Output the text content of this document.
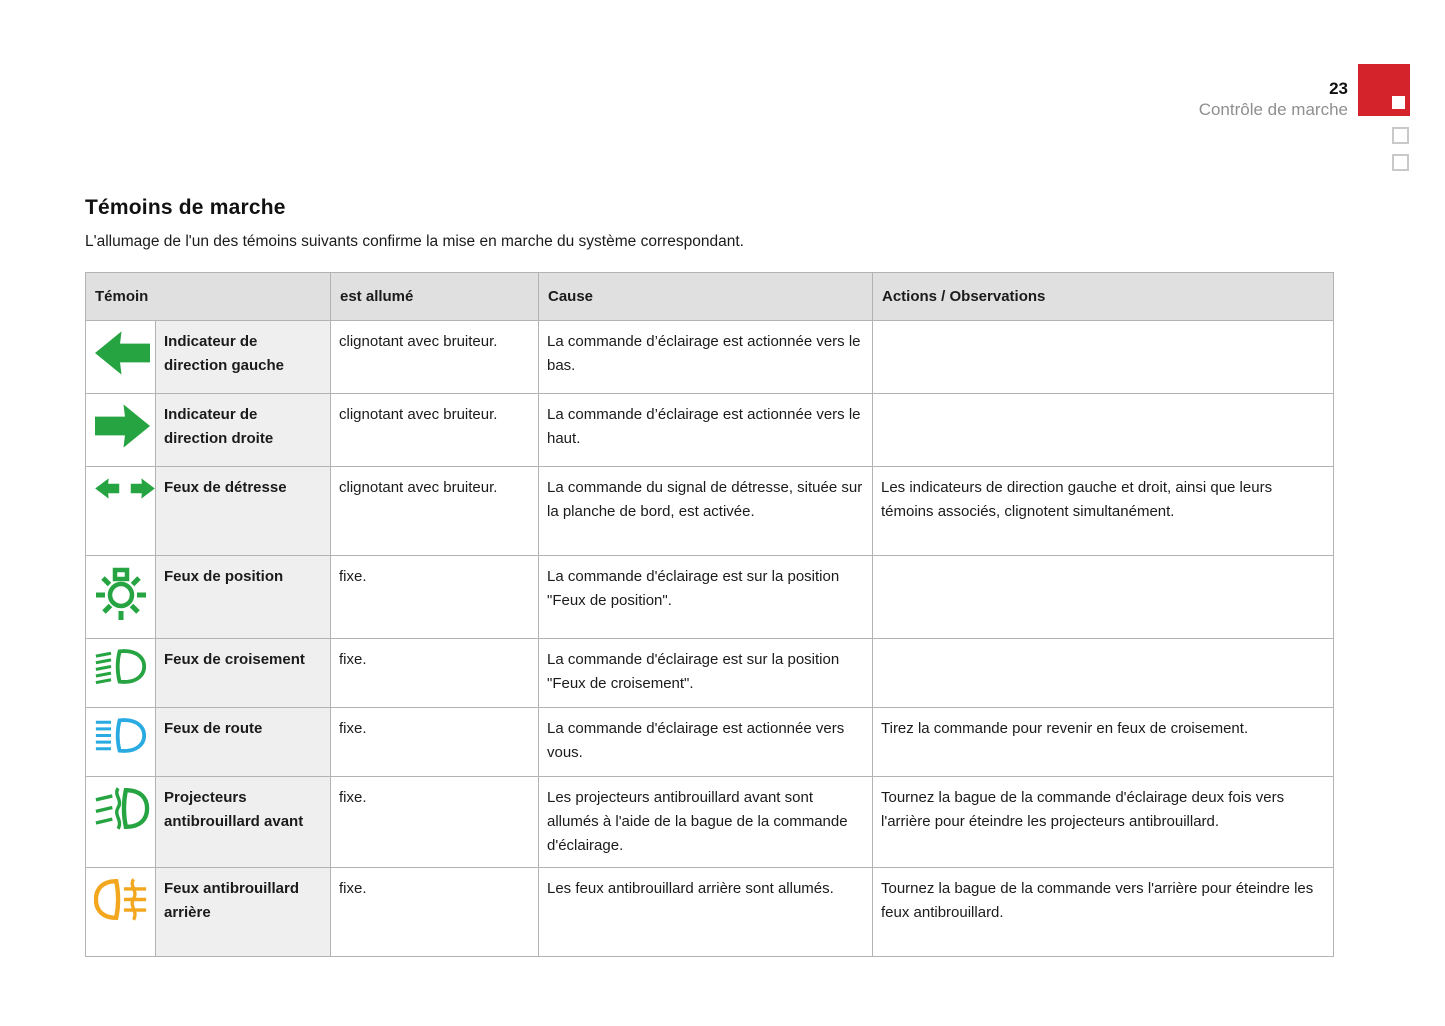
23
Contrôle de marche
Témoins de marche

L'allumage de l'un des témoins suivants confirme la mise en marche du système correspondant.

Témoin		est allumé	Cause	Actions / Observations
	Indicateur de direction gauche	clignotant avec bruiteur.	La commande d’éclairage est actionnée vers le bas.	
	Indicateur de direction droite	clignotant avec bruiteur.	La commande d’éclairage est actionnée vers le haut.	
	Feux de détresse	clignotant avec bruiteur.	La commande du signal de détresse, située sur la planche de bord, est activée.	Les indicateurs de direction gauche et droit, ainsi que leurs témoins associés, clignotent simultanément.
	Feux de position	fixe.	La commande d'éclairage est sur la position "Feux de position".	
	Feux de croisement	fixe.	La commande d'éclairage est sur la position "Feux de croisement".	
	Feux de route	fixe.	La commande d'éclairage est actionnée vers vous.	Tirez la commande pour revenir en feux de croisement.
	Projecteurs antibrouillard avant	fixe.	Les projecteurs antibrouillard avant sont allumés à l'aide de la bague de la commande d'éclairage.	Tournez la bague de la commande d'éclairage deux fois vers l'arrière pour éteindre les projecteurs antibrouillard.
	Feux antibrouillard arrière	fixe.	Les feux antibrouillard arrière sont allumés.	Tournez la bague de la commande vers l'arrière pour éteindre les feux antibrouillard.
